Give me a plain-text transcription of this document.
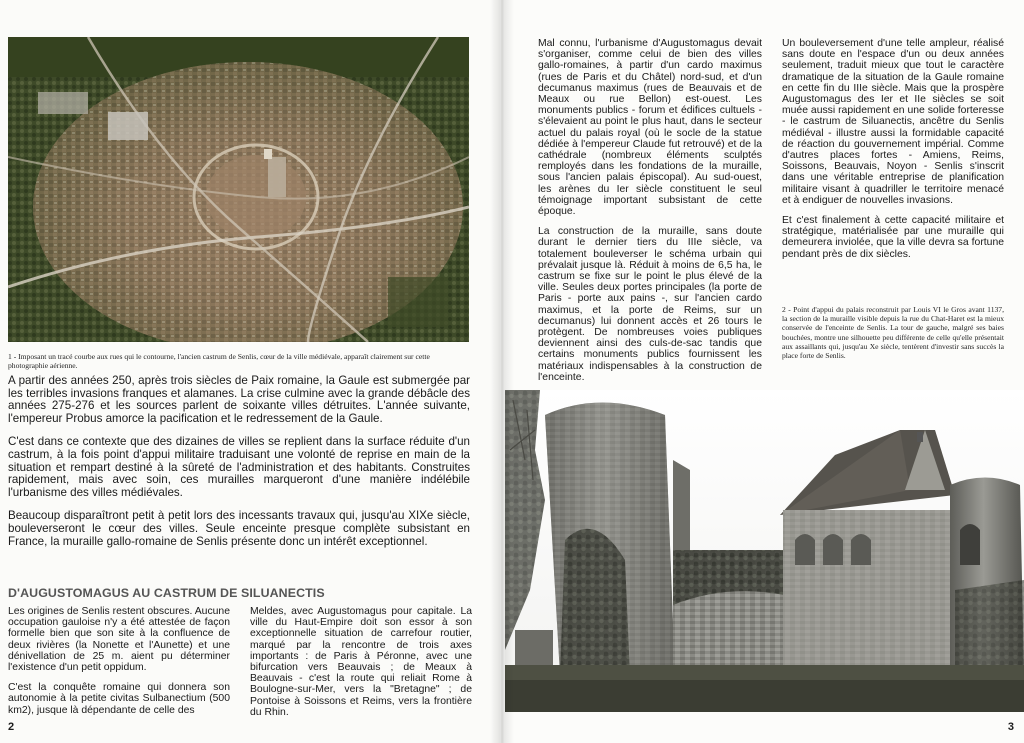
1 - Imposant un tracé courbe aux rues qui le contourne, l'ancien castrum de Senlis, cœur de la ville médiévale, apparaît clairement sur cette photographie aérienne.

A partir des années 250, après trois siècles de Paix romaine, la Gaule est submergée par les terribles invasions franques et alamanes. La crise culmine avec la grande débâcle des années 275-276 et les sources parlent de soixante villes détruites. L'année suivante, l'empereur Probus amorce la pacification et le redressement de la Gaule.

C'est dans ce contexte que des dizaines de villes se replient dans la surface réduite d'un castrum, à la fois point d'appui militaire traduisant une volonté de reprise en main de la situation et rempart destiné à la sûreté de l'administration et des habitants. Construites rapidement, mais avec soin, ces murailles marqueront d'une manière indélébile l'urbanisme des villes médiévales.

Beaucoup disparaîtront petit à petit lors des incessants travaux qui, jusqu'au XIXe siècle, bouleverseront le cœur des villes. Seule enceinte presque complète subsistant en France, la muraille gallo-romaine de Senlis présente donc un intérêt exceptionnel.

D'AUGUSTOMAGUS AU CASTRUM DE SILUANECTIS

Les origines de Senlis restent obscures. Aucune occupation gauloise n'y a été attestée de façon formelle bien que son site à la confluence de deux rivières (la Nonette et l'Aunette) et une dénivellation de 25 m. aient pu déterminer l'existence d'un petit oppidum.

C'est la conquête romaine qui donnera son autonomie à la petite civitas Sulbanectium (500 km2), jusque là dépendante de celle des

Meldes, avec Augustomagus pour capitale. La ville du Haut-Empire doit son essor à son exceptionnelle situation de carrefour routier, marqué par la rencontre de trois axes importants : de Paris à Péronne, avec une bifurcation vers Beauvais ; de Meaux à Beauvais - c'est la route qui reliait Rome à Boulogne-sur-Mer, vers la "Bretagne" ; de Pontoise à Soissons et Reims, vers la frontière du Rhin.

2

Mal connu, l'urbanisme d'Augustomagus devait s'organiser, comme celui de bien des villes gallo-romaines, à partir d'un cardo maximus (rues de Paris et du Châtel) nord-sud, et d'un decumanus maximus (rues de Beauvais et de Meaux ou rue Bellon) est-ouest. Les monuments publics - forum et édifices cultuels - s'élevaient au point le plus haut, dans le secteur actuel du palais royal (où le socle de la statue dédiée à l'empereur Claude fut retrouvé) et de la cathédrale (nombreux éléments sculptés remployés dans les fondations de la muraille, sous l'ancien palais épiscopal). Au sud-ouest, les arènes du Ier siècle constituent le seul témoignage important subsistant de cette époque.

La construction de la muraille, sans doute durant le dernier tiers du IIIe siècle, va totalement bouleverser le schéma urbain qui prévalait jusque là. Réduit à moins de 6,5 ha, le castrum se fixe sur le point le plus élevé de la ville. Seules deux portes principales (la porte de Paris - porte aux pains -, sur l'ancien cardo maximus, et la porte de Reims, sur un decumanus) lui donnent accès et 26 tours le protègent. De nombreuses voies publiques deviennent ainsi des culs-de-sac tandis que certains monuments publics fournissent les matériaux indispensables à la construction de l'enceinte.

Un bouleversement d'une telle ampleur, réalisé sans doute en l'espace d'un ou deux années seulement, traduit mieux que tout le caractère dramatique de la situation de la Gaule romaine en cette fin du IIIe siècle. Mais que la prospère Augustomagus des Ier et IIe siècles se soit muée aussi rapidement en une solide forteresse - le castrum de Siluanectis, ancêtre du Senlis médiéval - illustre aussi la formidable capacité de réaction du gouvernement impérial. Comme d'autres places fortes - Amiens, Reims, Soissons, Beauvais, Noyon - Senlis s'inscrit dans une véritable entreprise de planification militaire visant à quadriller le territoire menacé et à endiguer de nouvelles invasions.

Et c'est finalement à cette capacité militaire et stratégique, matérialisée par une muraille qui demeurera inviolée, que la ville devra sa fortune pendant près de dix siècles.

2 - Point d'appui du palais reconstruit par Louis VI le Gros avant 1137, la section de la muraille visible depuis la rue du Chat-Haret est la mieux conservée de l'enceinte de Senlis. La tour de gauche, malgré ses baies bouchées, montre une silhouette peu différente de celle qu'elle présentait aux assaillants qui, jusqu'au Xe siècle, tentèrent d'investir sans succès la place forte de Senlis.
3
